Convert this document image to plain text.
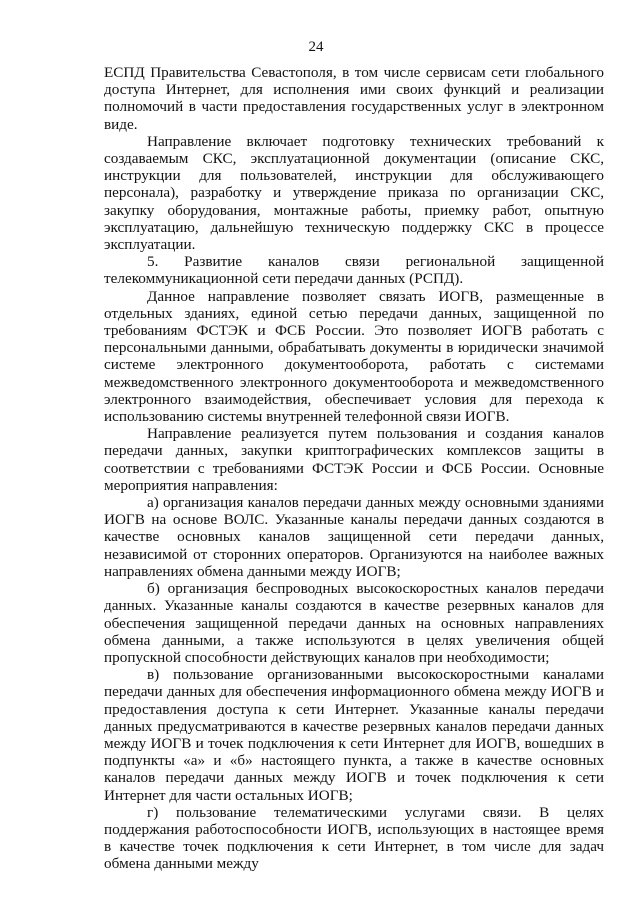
24

ЕСПД Правительства Севастополя, в том числе сервисам сети глобального доступа Интернет, для исполнения ими своих функций и реализации полномочий в части предоставления государственных услуг в электронном виде.

Направление включает подготовку технических требований к создаваемым СКС, эксплуатационной документации (описание СКС, инструкции для пользователей, инструкции для обслуживающего персонала), разработку и утверждение приказа по организации СКС, закупку оборудования, монтажные работы, приемку работ, опытную эксплуатацию, дальнейшую техническую поддержку СКС в процессе эксплуатации.

5. Развитие каналов связи региональной защищенной телекоммуникационной сети передачи данных (РСПД).

Данное направление позволяет связать ИОГВ, размещенные в отдельных зданиях, единой сетью передачи данных, защищенной по требованиям ФСТЭК и ФСБ России. Это позволяет ИОГВ работать с персональными данными, обрабатывать документы в юридически значимой системе электронного документооборота, работать с системами межведомственного электронного документооборота и межведомственного электронного взаимодействия, обеспечивает условия для перехода к использованию системы внутренней телефонной связи ИОГВ.

Направление реализуется путем пользования и создания каналов передачи данных, закупки криптографических комплексов защиты в соответствии с требованиями ФСТЭК России и ФСБ России. Основные мероприятия направления:

а) организация каналов передачи данных между основными зданиями ИОГВ на основе ВОЛС. Указанные каналы передачи данных создаются в качестве основных каналов защищенной сети передачи данных, независимой от сторонних операторов. Организуются на наиболее важных направлениях обмена данными между ИОГВ;

б) организация беспроводных высокоскоростных каналов передачи данных. Указанные каналы создаются в качестве резервных каналов для обеспечения защищенной передачи данных на основных направлениях обмена данными, а также используются в целях увеличения общей пропускной способности действующих каналов при необходимости;

в) пользование организованными высокоскоростными каналами передачи данных для обеспечения информационного обмена между ИОГВ и предоставления доступа к сети Интернет. Указанные каналы передачи данных предусматриваются в качестве резервных каналов передачи данных между ИОГВ и точек подключения к сети Интернет для ИОГВ, вошедших в подпункты «а» и «б» настоящего пункта, а также в качестве основных каналов передачи данных между ИОГВ и точек подключения к сети Интернет для части остальных ИОГВ;

г) пользование телематическими услугами связи. В целях поддержания работоспособности ИОГВ, использующих в настоящее время в качестве точек подключения к сети Интернет, в том числе для задач обмена данными между
